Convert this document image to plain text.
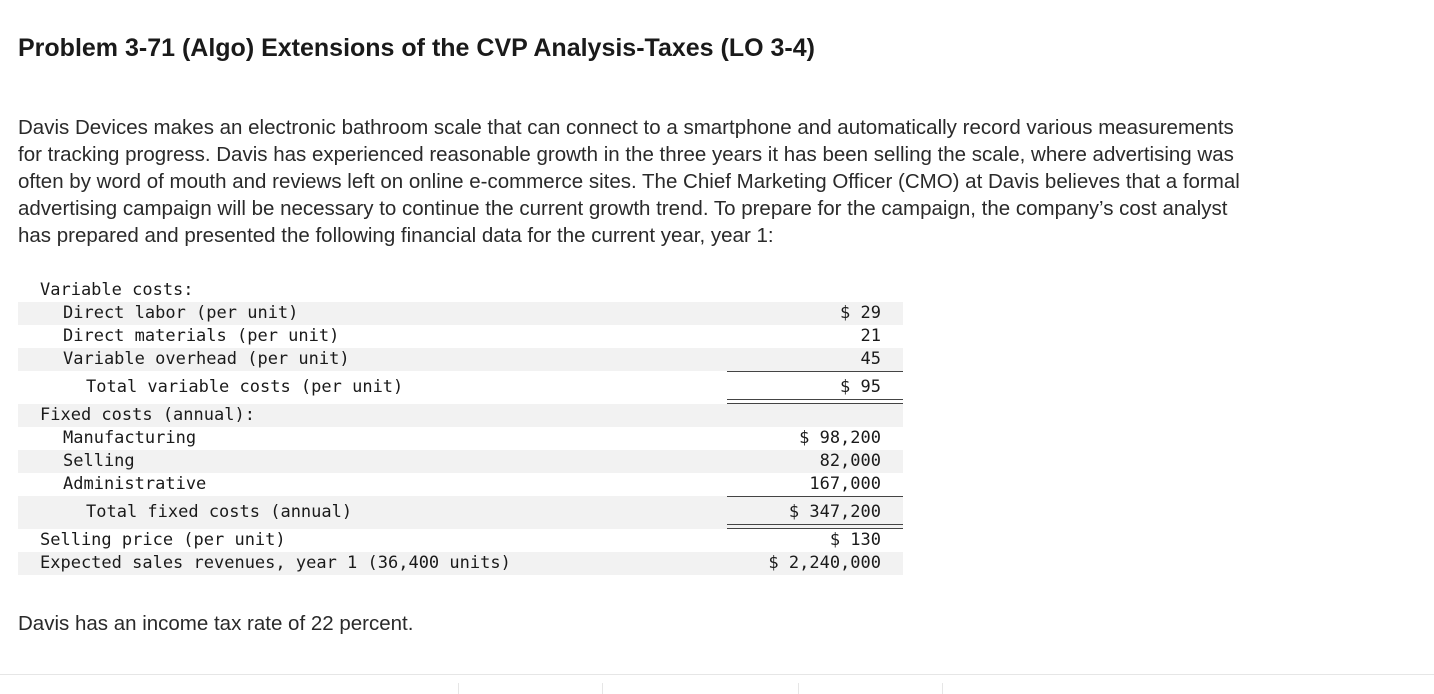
Problem 3-71 (Algo) Extensions of the CVP Analysis-Taxes (LO 3-4)

Davis Devices makes an electronic bathroom scale that can connect to a smartphone and automatically record various measurements

for tracking progress. Davis has experienced reasonable growth in the three years it has been selling the scale, where advertising was

often by word of mouth and reviews left on online e-commerce sites. The Chief Marketing Officer (CMO) at Davis believes that a formal

advertising campaign will be necessary to continue the current growth trend. To prepare for the campaign, the company’s cost analyst

has prepared and presented the following financial data for the current year, year 1:

Variable costs:
Direct labor (per unit)	$ 29
Direct materials (per unit)	21
Variable overhead (per unit)	45
Total variable costs (per unit)	$ 95
Fixed costs (annual):
Manufacturing	$ 98,200
Selling	82,000
Administrative	167,000
Total fixed costs (annual)	$ 347,200
Selling price (per unit)	$ 130
Expected sales revenues, year 1 (36,400 units)	$ 2,240,000
Davis has an income tax rate of 22 percent.
